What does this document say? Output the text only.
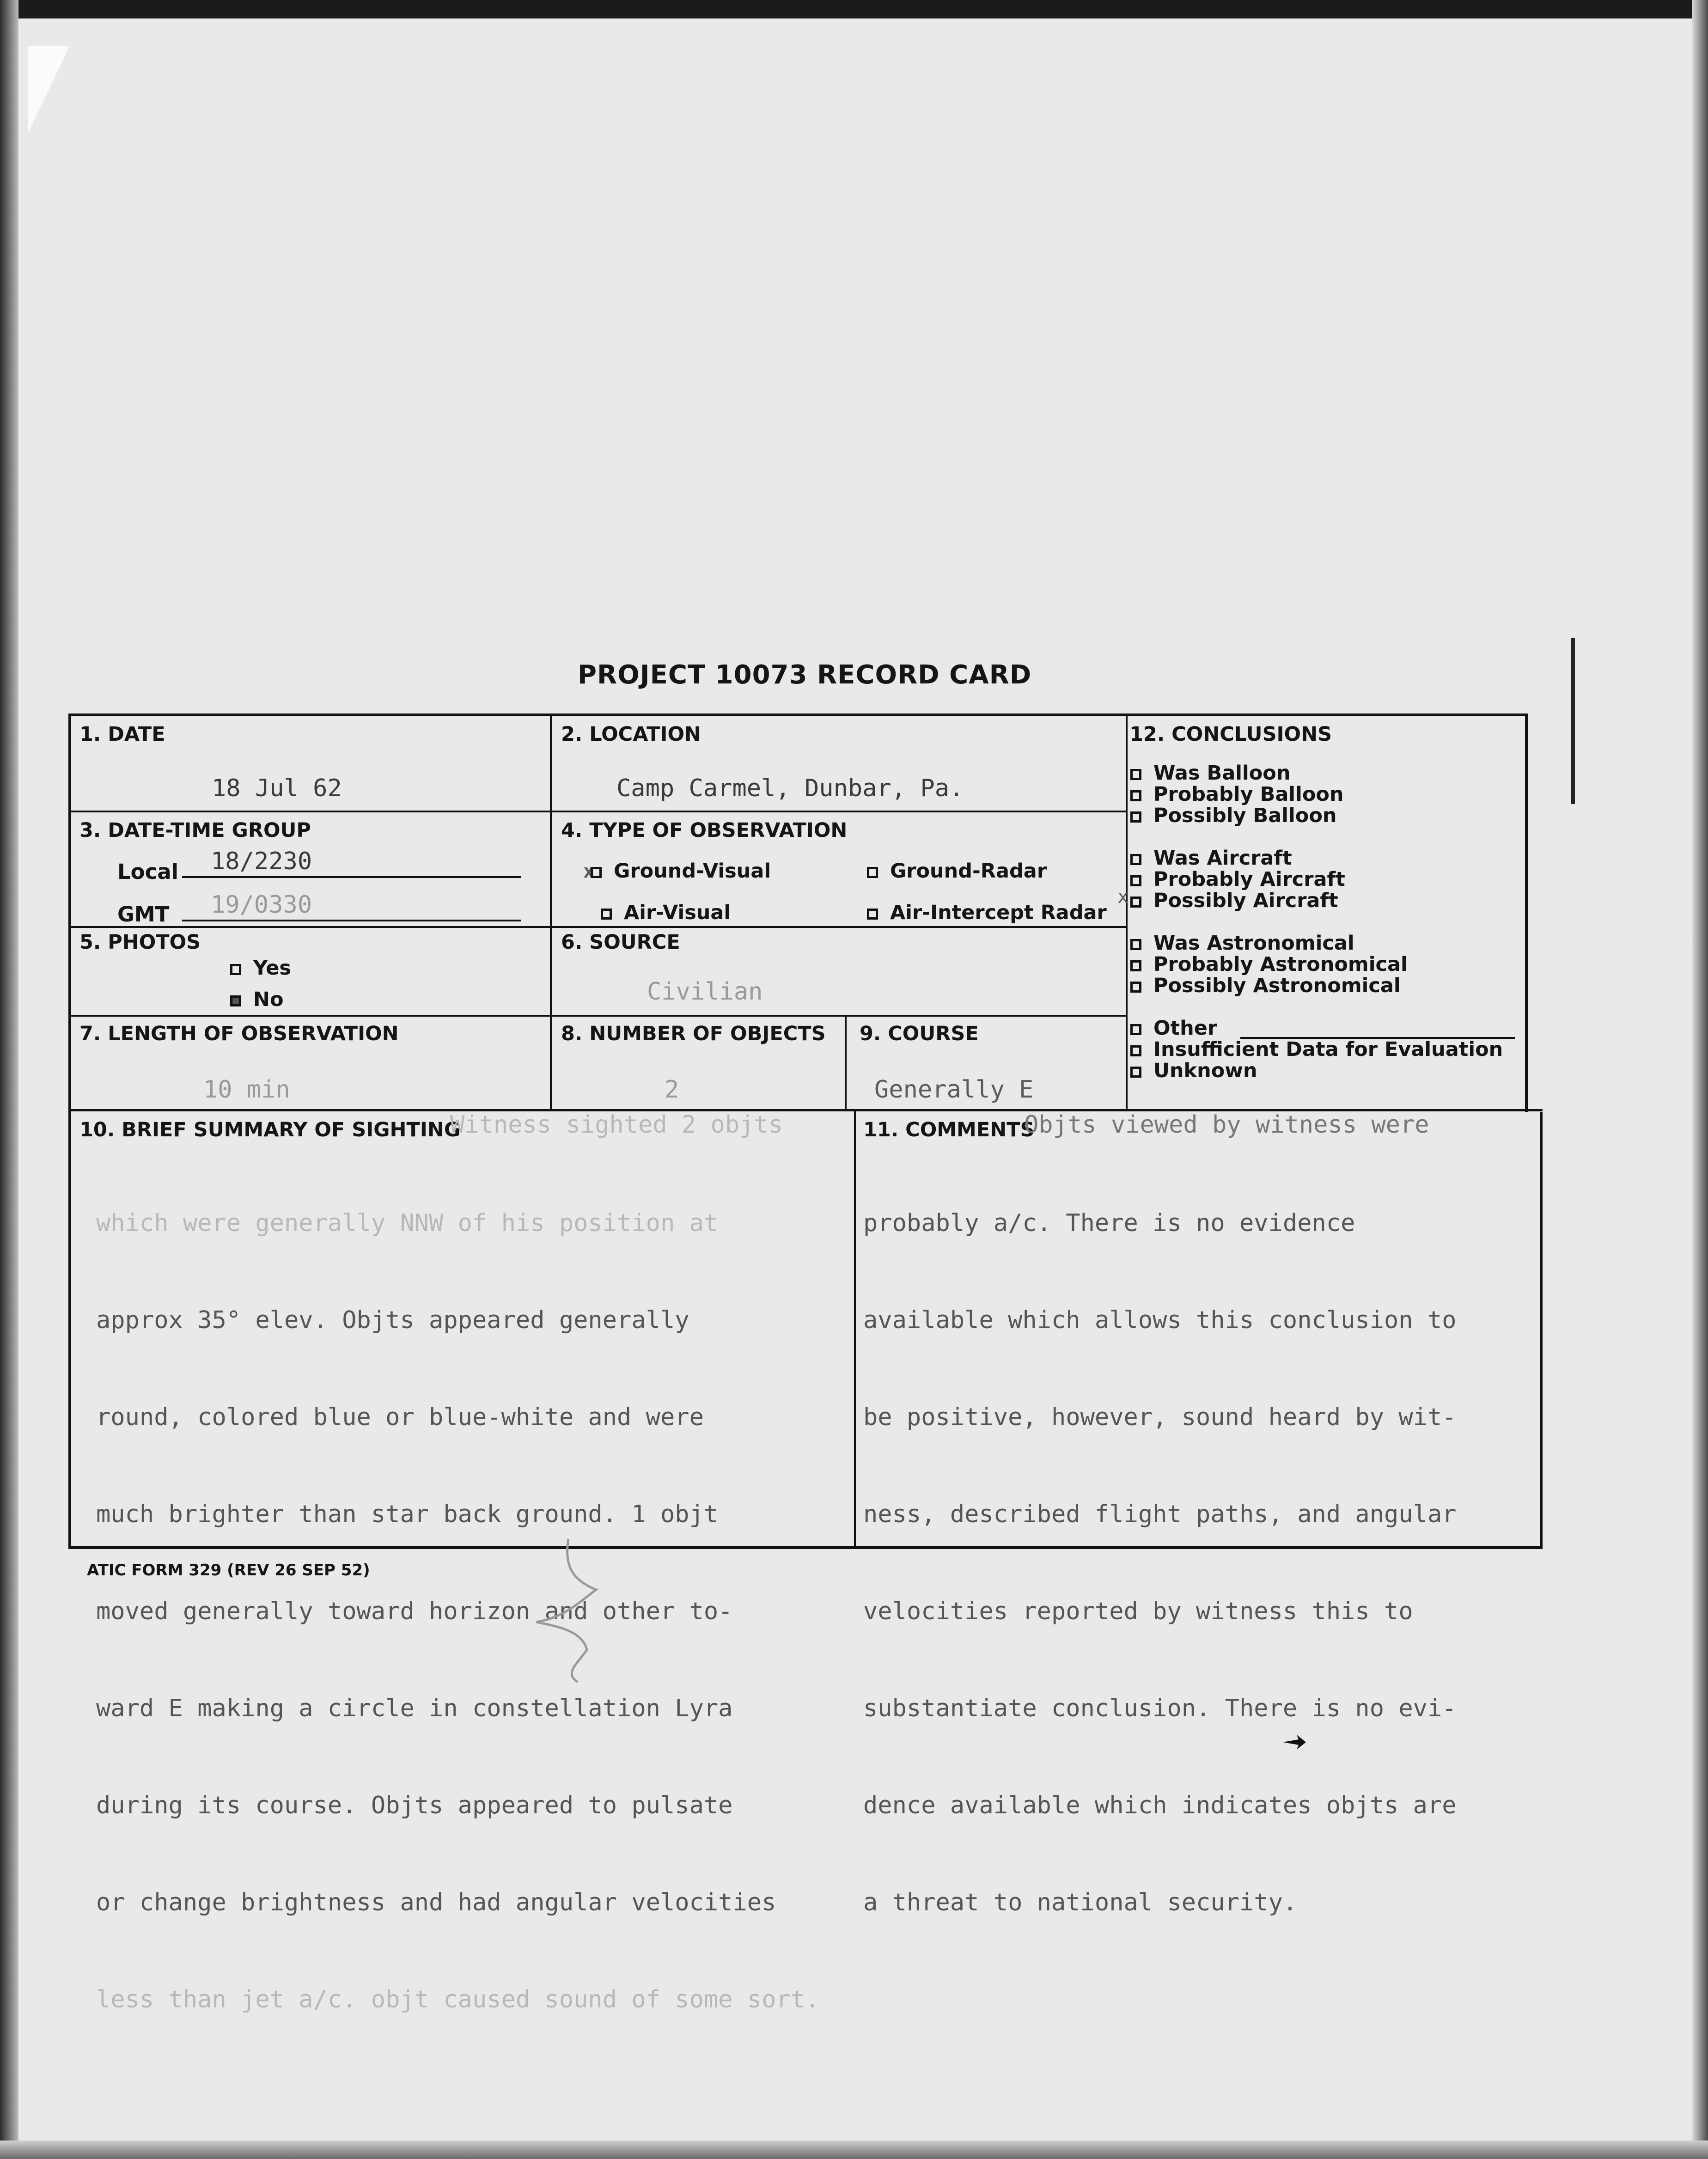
PROJECT 10073 RECORD CARD
1. DATE
18 Jul 62
2. LOCATION
Camp Carmel, Dunbar, Pa.
3. DATE-TIME GROUP
Local 18/2230
GMT 19/0330
4. TYPE OF OBSERVATION
x Ground-Visual	Ground-Radar
Air-Visual	Air-Intercept Radar
5. PHOTOS
Yes
No
6. SOURCE
Civilian
7. LENGTH OF OBSERVATION
10 min
8. NUMBER OF OBJECTS
2
9. COURSE
Generally E
12. CONCLUSIONS
Was Balloon
Probably Balloon
Possibly Balloon
Was Aircraft
Probably Aircraft
Possibly Aircraft
x
Was Astronomical
Probably Astronomical
Possibly Astronomical
Other
Insufficient Data for Evaluation
Unknown
10. BRIEF SUMMARY OF SIGHTING
Witness sighted 2 objts

which were generally NNW of his position at

approx 35° elev. Objts appeared generally

round, colored blue or blue-white and were

much brighter than star back ground. 1 objt

moved generally toward horizon and other to-

ward E making a circle in constellation Lyra

during its course. Objts appeared to pulsate

or change brightness and had angular velocities

less than jet a/c. objt caused sound of some sort.

11. COMMENTS
Objts viewed by witness were

probably a/c. There is no evidence

available which allows this conclusion to

be positive, however, sound heard by wit-

ness, described flight paths, and angular

velocities reported by witness this to

substantiate conclusion. There is no evi-

dence available which indicates objts are

a threat to national security.

ATIC FORM 329 (REV 26 SEP 52)
